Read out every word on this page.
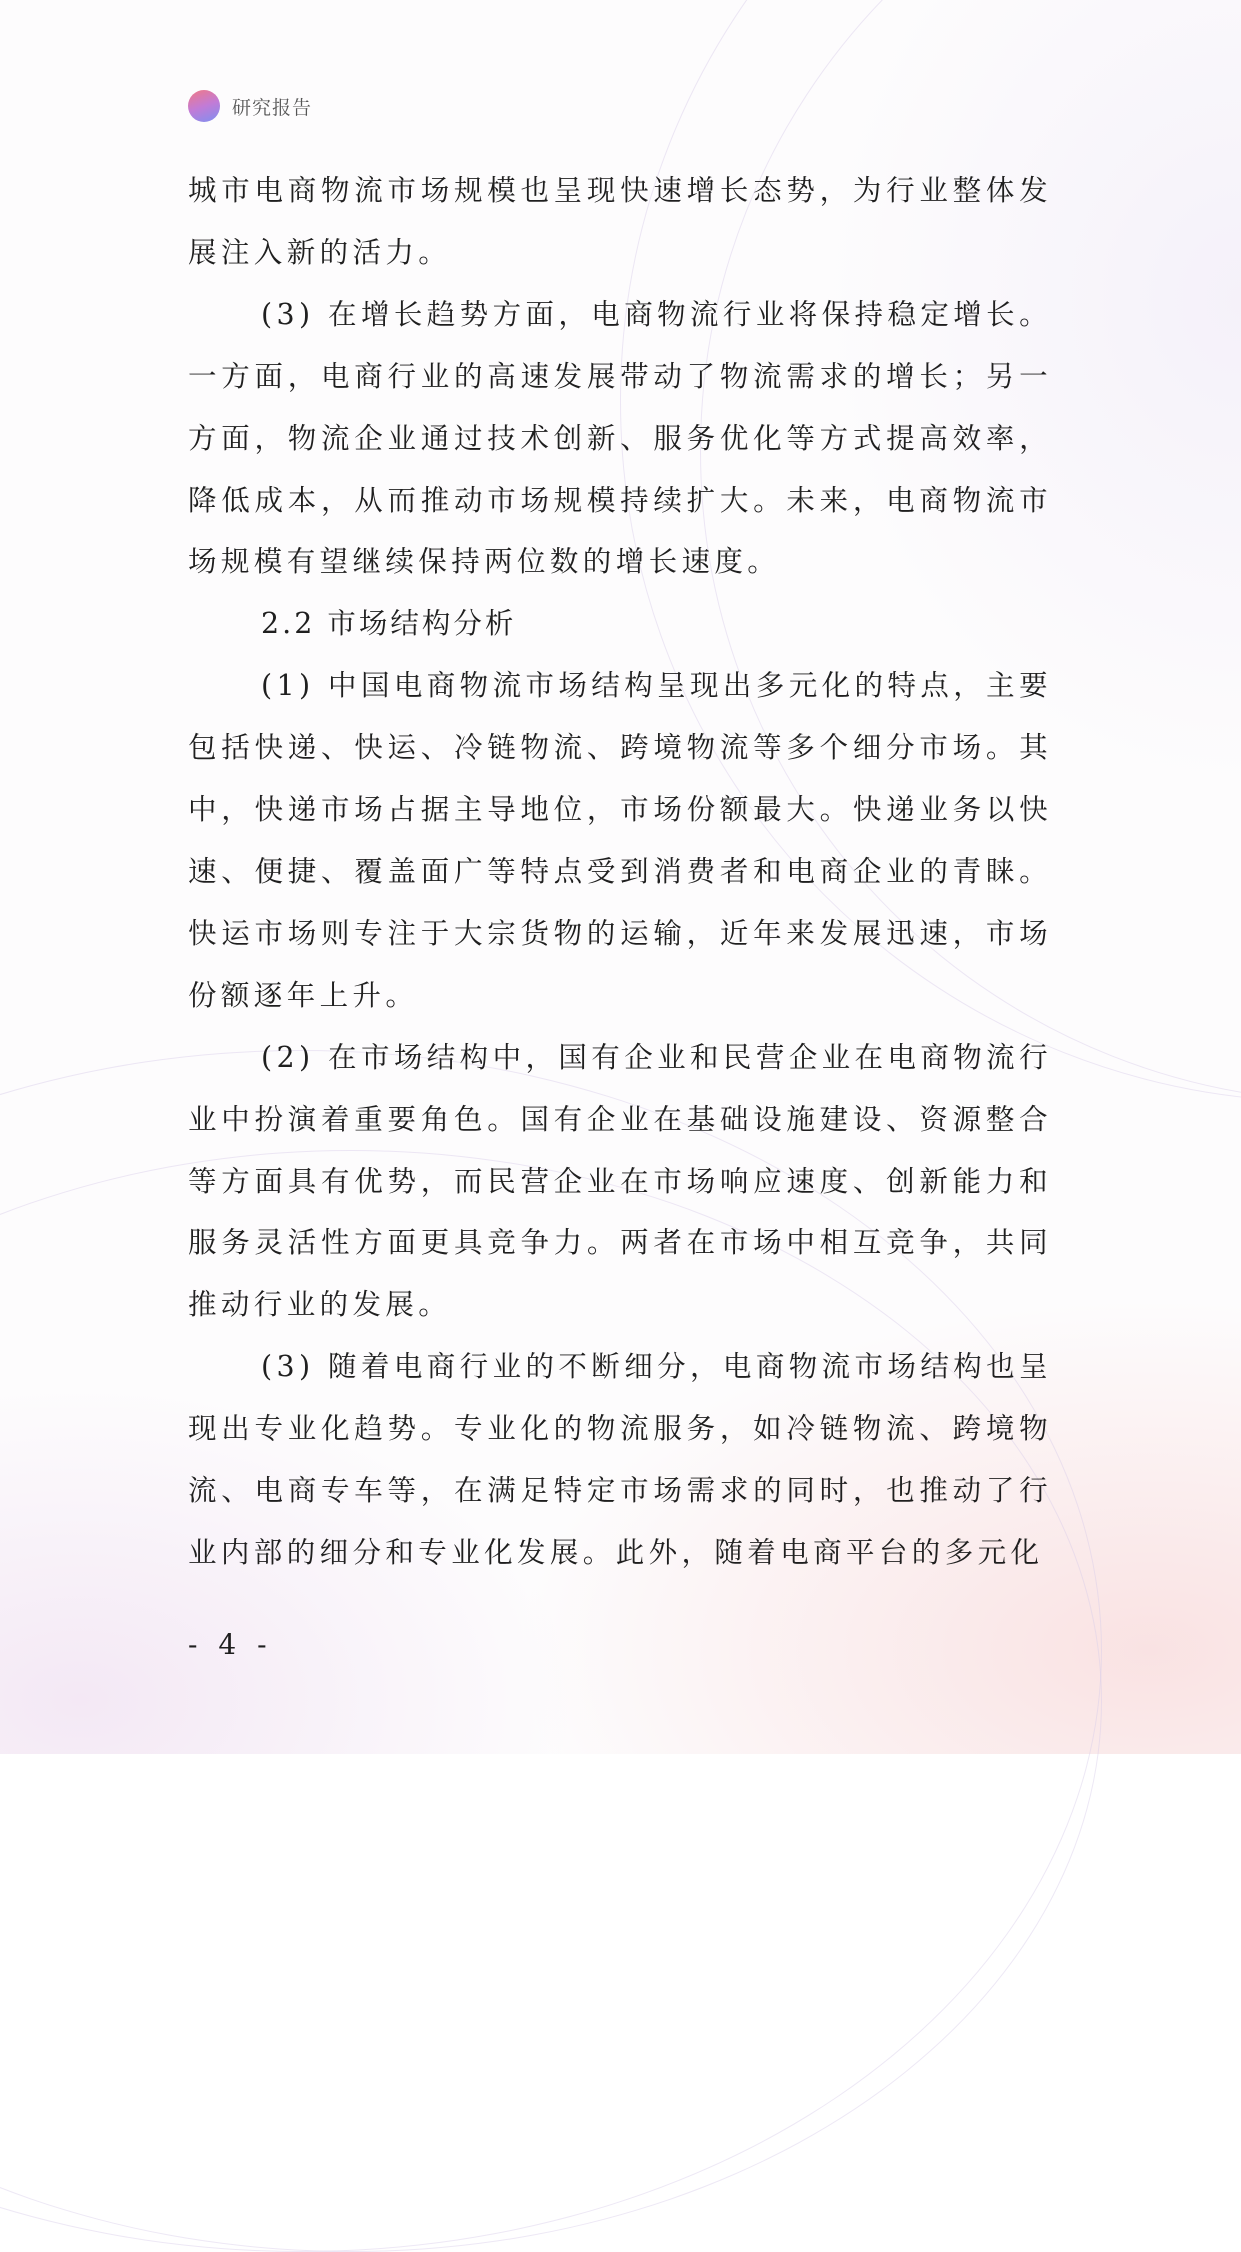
研究报告

城市电商物流市场规模也呈现快速增长态势，为行业整体发展注入新的活力。

(3) 在增长趋势方面，电商物流行业将保持稳定增长。一方面，电商行业的高速发展带动了物流需求的增长；另一方面，物流企业通过技术创新、服务优化等方式提高效率，降低成本，从而推动市场规模持续扩大。未来，电商物流市场规模有望继续保持两位数的增长速度。

2.2 市场结构分析

(1) 中国电商物流市场结构呈现出多元化的特点，主要包括快递、快运、冷链物流、跨境物流等多个细分市场。其中，快递市场占据主导地位，市场份额最大。快递业务以快速、便捷、覆盖面广等特点受到消费者和电商企业的青睐。快运市场则专注于大宗货物的运输，近年来发展迅速，市场份额逐年上升。

(2) 在市场结构中，国有企业和民营企业在电商物流行业中扮演着重要角色。国有企业在基础设施建设、资源整合等方面具有优势，而民营企业在市场响应速度、创新能力和服务灵活性方面更具竞争力。两者在市场中相互竞争，共同推动行业的发展。

(3) 随着电商行业的不断细分，电商物流市场结构也呈现出专业化趋势。专业化的物流服务，如冷链物流、跨境物流、电商专车等，在满足特定市场需求的同时，也推动了行业内部的细分和专业化发展。此外，随着电商平台的多元化

- 4 -
